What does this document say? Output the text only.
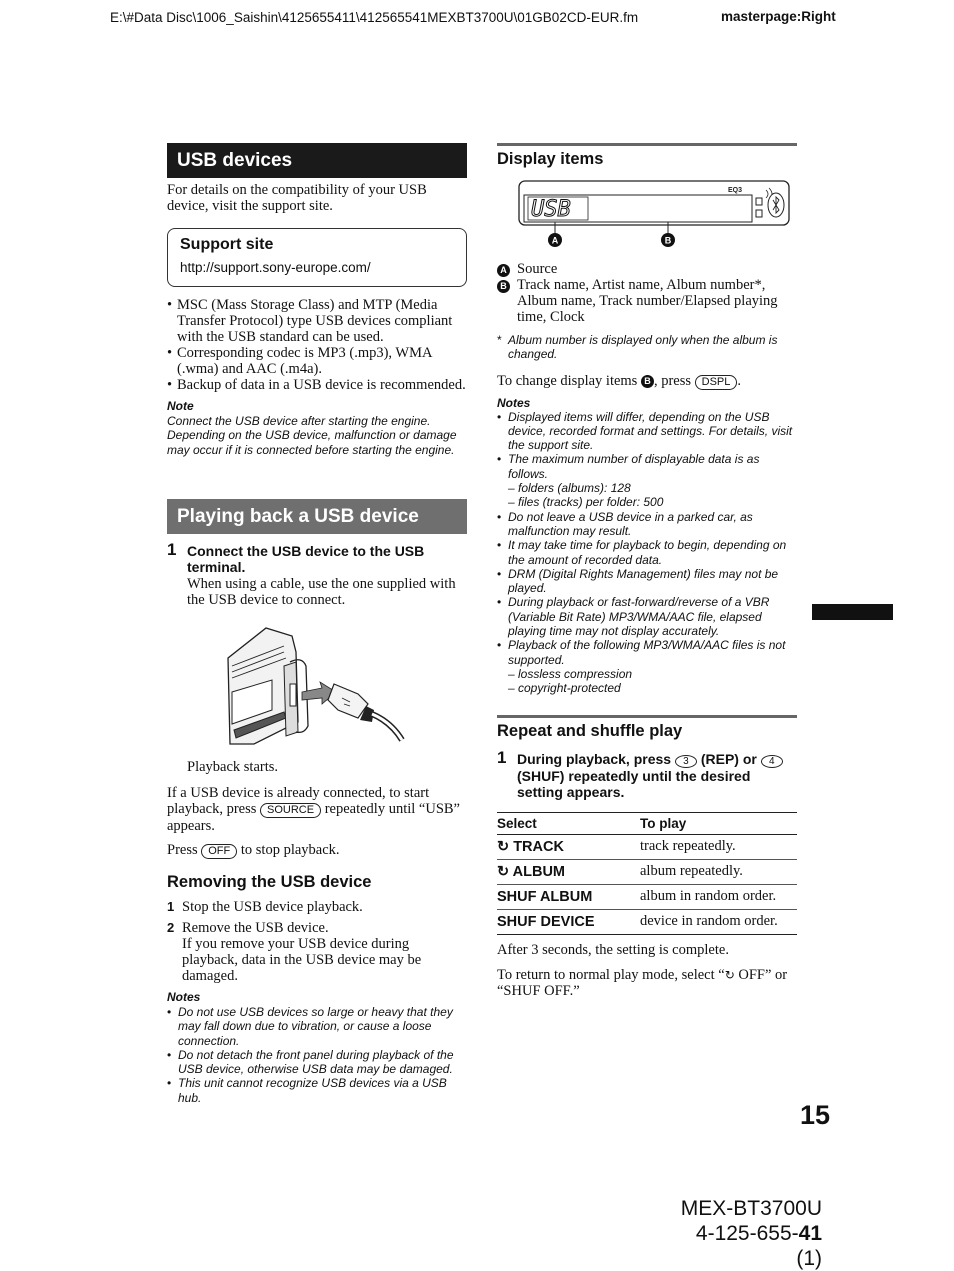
E:\#Data Disc\1006_Saishin\4125655411\412565541MEXBT3700U\01GB02CD-EUR.fm	masterpage:Right
USB devices
For details on the compatibility of your USB device, visit the support site.
Support site
http://support.sony-europe.com/
• MSC (Mass Storage Class) and MTP (Media Transfer Protocol) type USB devices compliant with the USB standard can be used.
• Corresponding codec is MP3 (.mp3), WMA (.wma) and AAC (.m4a).
• Backup of data in a USB device is recommended.
Note
Connect the USB device after starting the engine. Depending on the USB device, malfunction or damage may occur if it is connected before starting the engine.
Playing back a USB device
1 Connect the USB device to the USB terminal.
When using a cable, use the one supplied with the USB device to connect.
Playback starts.
If a USB device is already connected, to start playback, press SOURCE repeatedly until “USB” appears.
Press OFF to stop playback.
Removing the USB device
1 Stop the USB device playback.
2 Remove the USB device.
If you remove your USB device during playback, data in the USB device may be damaged.
Notes
• Do not use USB devices so large or heavy that they may fall down due to vibration, or cause a loose connection.
• Do not detach the front panel during playback of the USB device, otherwise USB data may be damaged.
• This unit cannot recognize USB devices via a USB hub.
Display items
USB
EQ3
A	B
A Source
B Track name, Artist name, Album number*, Album name, Track number/Elapsed playing time, Clock
* Album number is displayed only when the album is changed.
To change display items B , press DSPL .
Notes
• Displayed items will differ, depending on the USB device, recorded format and settings. For details, visit the support site.
• The maximum number of displayable data is as follows.
– folders (albums): 128
– files (tracks) per folder: 500
• Do not leave a USB device in a parked car, as malfunction may result.
• It may take time for playback to begin, depending on the amount of recorded data.
• DRM (Digital Rights Management) files may not be played.
• During playback or fast-forward/reverse of a VBR (Variable Bit Rate) MP3/WMA/AAC file, elapsed playing time may not display accurately.
• Playback of the following MP3/WMA/AAC files is not supported.
– lossless compression
– copyright-protected
Repeat and shuffle play
1 During playback, press 3 (REP) or 4 (SHUF) repeatedly until the desired setting appears.
Select	To play
↻ TRACK	track repeatedly.
↻ ALBUM	album repeatedly.
SHUF ALBUM	album in random order.
SHUF DEVICE	device in random order.
After 3 seconds, the setting is complete.
To return to normal play mode, select “↻ OFF” or “SHUF OFF.”
15
MEX-BT3700U
4-125-655-41 (1)
